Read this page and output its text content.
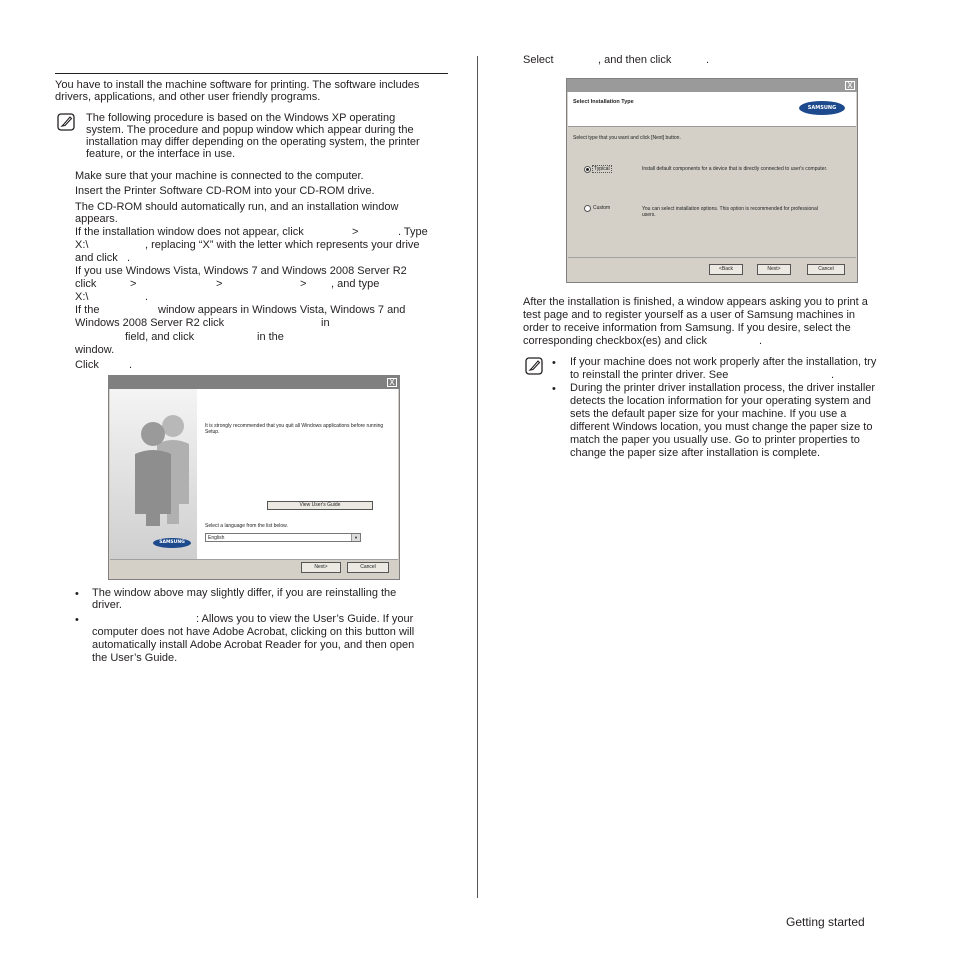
You have to install the machine software for printing. The software includes
drivers, applications, and other user friendly programs.
The following procedure is based on the Windows XP operating
system. The procedure and popup window which appear during the
installation may differ depending on the operating system, the printer
feature, or the interface in use.
Make sure that your machine is connected to the computer.
Insert the Printer Software CD-ROM into your CD-ROM drive.
The CD-ROM should automatically run, and an installation window
appears.
If the installation window does not appear, click	>	. Type
X:\	, replacing “X” with the letter which represents your drive
and click .
If you use Windows Vista, Windows 7 and Windows 2008 Server R2
click	>	>	> , and type
X:\	.
If the	window appears in Windows Vista, Windows 7 and
Windows 2008 Server R2 click	in
field, and click	in the
window.
Click	.
X
SAMSUNG
It is strongly recommended that you quit all Windows applications before running Setup.
View User's Guide
Select a language from the list below.
English	▼
Next>	Cancel
• The window above may slightly differ, if you are reinstalling the
driver.
•	: Allows you to view the User’s Guide. If your
computer does not have Adobe Acrobat, clicking on this button will
automatically install Adobe Acrobat Reader for you, and then open
the User’s Guide.
Select	, and then click	.
X
Select Installation Type
SAMSUNG
Select type that you want and click [Next] button.
Typical	Install default components for a device that is directly connected to user's computer.
Custom	You can select installation options. This option is recommended for professional users.
<Back	Next>	Cancel
After the installation is finished, a window appears asking you to print a
test page and to register yourself as a user of Samsung machines in
order to receive information from Samsung. If you desire, select the
corresponding checkbox(es) and click	.
• If your machine does not work properly after the installation, try
to reinstall the printer driver. See	.
• During the printer driver installation process, the driver installer
detects the location information for your operating system and
sets the default paper size for your machine. If you use a
different Windows location, you must change the paper size to
match the paper you usually use. Go to printer properties to
change the paper size after installation is complete.
Getting started
